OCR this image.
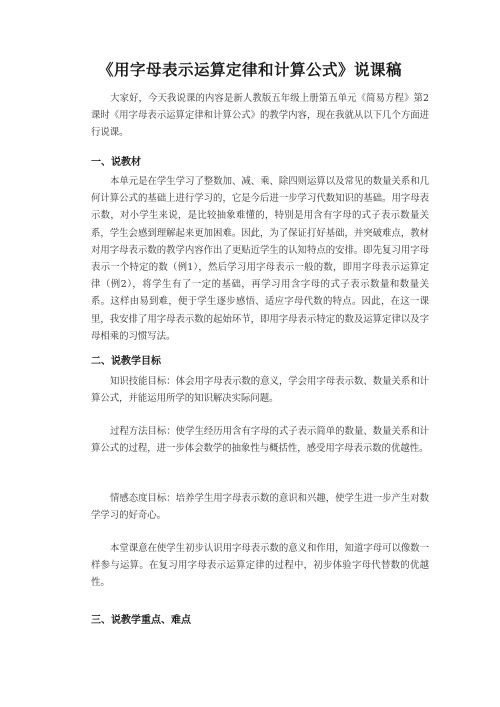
《用字母表示运算定律和计算公式》说课稿

大家好，今天我说课的内容是新人教版五年级上册第五单元《简易方程》第2课时《用字母表示运算定律和计算公式》的教学内容，现在我就从以下几个方面进行说课。

一、说教材

本单元是在学生学习了整数加、减、乘、除四则运算以及常见的数量关系和几何计算公式的基础上进行学习的，它是今后进一步学习代数知识的基础。用字母表示数，对小学生来说，是比较抽象难懂的，特别是用含有字母的式子表示数量关系，学生会感到理解起来更加困难。因此，为了保证打好基础，并突破难点，教材对用字母表示数的教学内容作出了更贴近学生的认知特点的安排。即先复习用字母表示一个特定的数（例1），然后学习用字母表示一般的数，即用字母表示运算定律（例2），将学生有了一定的基础，再学习用含字母的式子表示数量和数量关系。这样由易到难，便于学生逐步感悟、适应字母代数的特点。因此，在这一课里，我安排了用字母表示数的起始环节，即用字母表示特定的数及运算定律以及字母相乘的习惯写法。

二、说教学目标

知识技能目标：体会用字母表示数的意义，学会用字母表示数、数量关系和计算公式，并能运用所学的知识解决实际问题。

过程方法目标：使学生经历用含有字母的式子表示简单的数量、数量关系和计算公式的过程，进一步体会数学的抽象性与概括性，感受用字母表示数的优越性。

情感态度目标：培养学生用字母表示数的意识和兴趣，使学生进一步产生对数学学习的好奇心。

本堂课意在使学生初步认识用字母表示数的意义和作用，知道字母可以像数一样参与运算。在复习用字母表示运算定律的过程中，初步体验字母代替数的优越性。

三、说教学重点、难点
